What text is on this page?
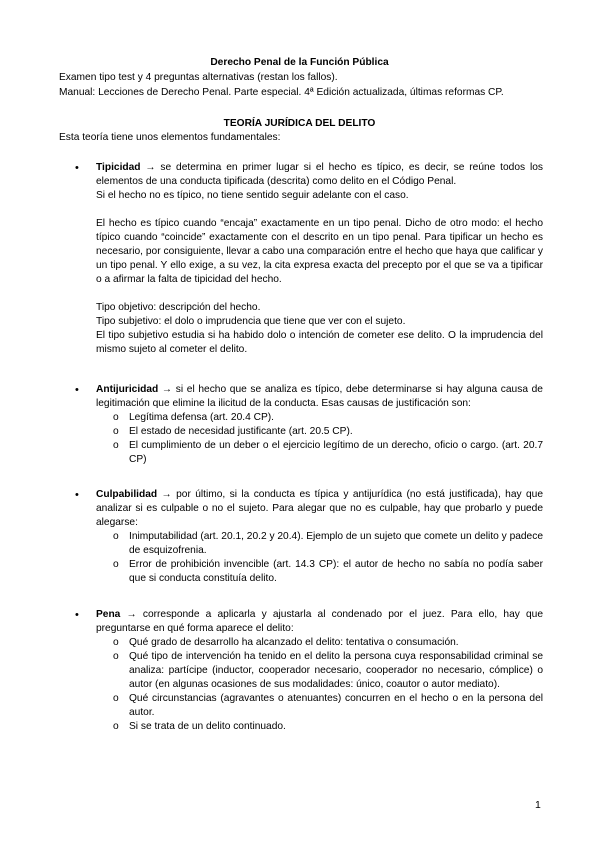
Derecho Penal de la Función Pública
Examen tipo test y 4 preguntas alternativas (restan los fallos).
Manual: Lecciones de Derecho Penal. Parte especial. 4ª Edición actualizada, últimas reformas CP.
TEORÍA JURÍDICA DEL DELITO
Esta teoría tiene unos elementos fundamentales:
• Tipicidad → se determina en primer lugar si el hecho es típico, es decir, se reúne todos los elementos de una conducta tipificada (descrita) como delito en el Código Penal.
Si el hecho no es típico, no tiene sentido seguir adelante con el caso.
El hecho es típico cuando “encaja” exactamente en un tipo penal. Dicho de otro modo: el hecho típico cuando “coincide” exactamente con el descrito en un tipo penal. Para tipificar un hecho es necesario, por consiguiente, llevar a cabo una comparación entre el hecho que haya que calificar y un tipo penal. Y ello exige, a su vez, la cita expresa exacta del precepto por el que se va a tipificar o a afirmar la falta de tipicidad del hecho.
Tipo objetivo: descripción del hecho.
Tipo subjetivo: el dolo o imprudencia que tiene que ver con el sujeto.
El tipo subjetivo estudia si ha habido dolo o intención de cometer ese delito. O la imprudencia del mismo sujeto al cometer el delito.
• Antijuricidad → si el hecho que se analiza es típico, debe determinarse si hay alguna causa de legitimación que elimine la ilicitud de la conducta. Esas causas de justificación son:
o Legítima defensa (art. 20.4 CP).
o El estado de necesidad justificante (art. 20.5 CP).
o El cumplimiento de un deber o el ejercicio legítimo de un derecho, oficio o cargo. (art. 20.7 CP)
• Culpabilidad → por último, si la conducta es típica y antijurídica (no está justificada), hay que analizar si es culpable o no el sujeto. Para alegar que no es culpable, hay que probarlo y puede alegarse:
o Inimputabilidad (art. 20.1, 20.2 y 20.4). Ejemplo de un sujeto que comete un delito y padece de esquizofrenia.
o Error de prohibición invencible (art. 14.3 CP): el autor de hecho no sabía no podía saber que si conducta constituía delito.
• Pena → corresponde a aplicarla y ajustarla al condenado por el juez. Para ello, hay que preguntarse en qué forma aparece el delito:
o Qué grado de desarrollo ha alcanzado el delito: tentativa o consumación.
o Qué tipo de intervención ha tenido en el delito la persona cuya responsabilidad criminal se analiza: partícipe (inductor, cooperador necesario, cooperador no necesario, cómplice) o autor (en algunas ocasiones de sus modalidades: único, coautor o autor mediato).
o Qué circunstancias (agravantes o atenuantes) concurren en el hecho o en la persona del autor.
o Si se trata de un delito continuado.
1
